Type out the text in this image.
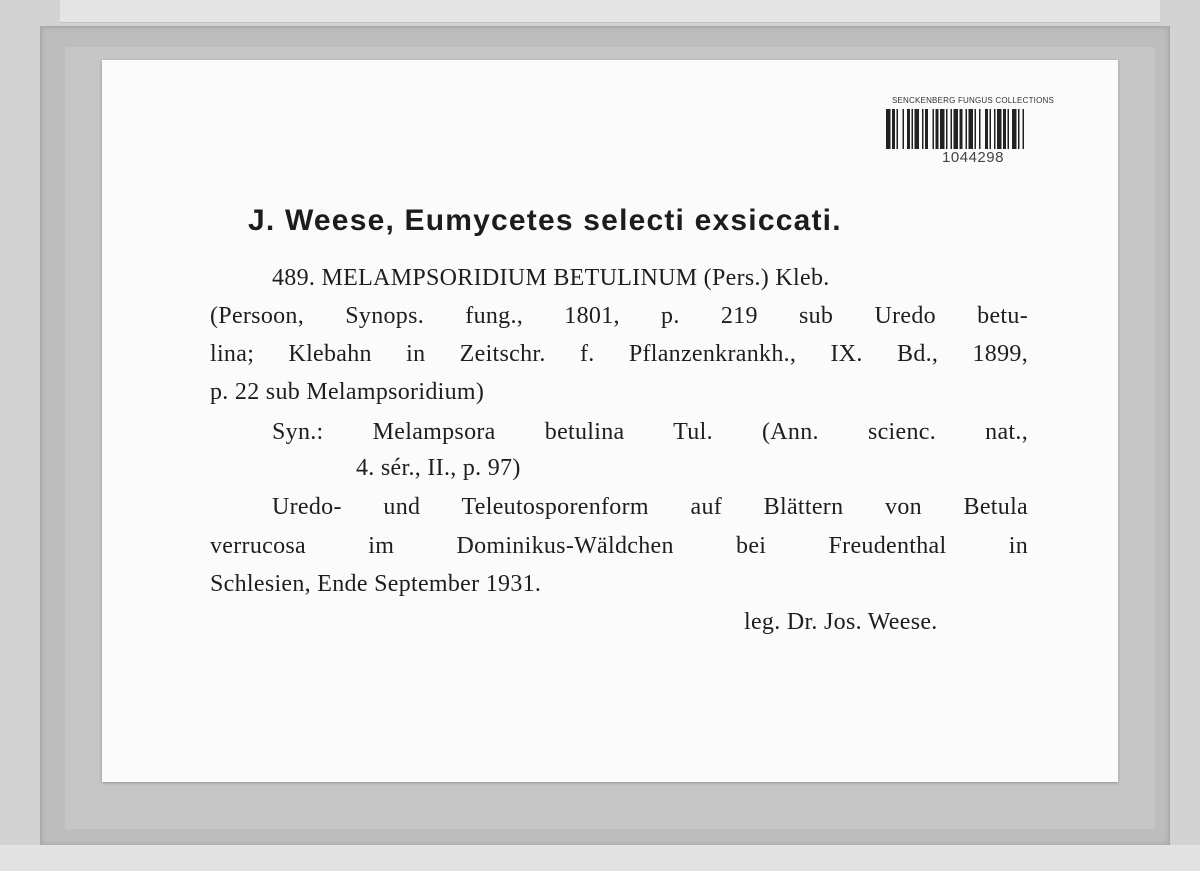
SENCKENBERG FUNGUS COLLECTIONS
1044298
J. Weese, Eumycetes selecti exsiccati.
489. MELAMPSORIDIUM BETULINUM (Pers.) Kleb.
(Persoon, Synops. fung., 1801, p. 219 sub Uredo betu-
lina; Klebahn in Zeitschr. f. Pflanzenkrankh., IX. Bd., 1899,
p. 22 sub Melampsoridium)
Syn.: Melampsora betulina Tul. (Ann. scienc. nat.,
4. sér., II., p. 97)
Uredo- und Teleutosporenform auf Blättern von Betula
verrucosa im Dominikus-Wäldchen bei Freudenthal in
Schlesien, Ende September 1931.
leg. Dr. Jos. Weese.
